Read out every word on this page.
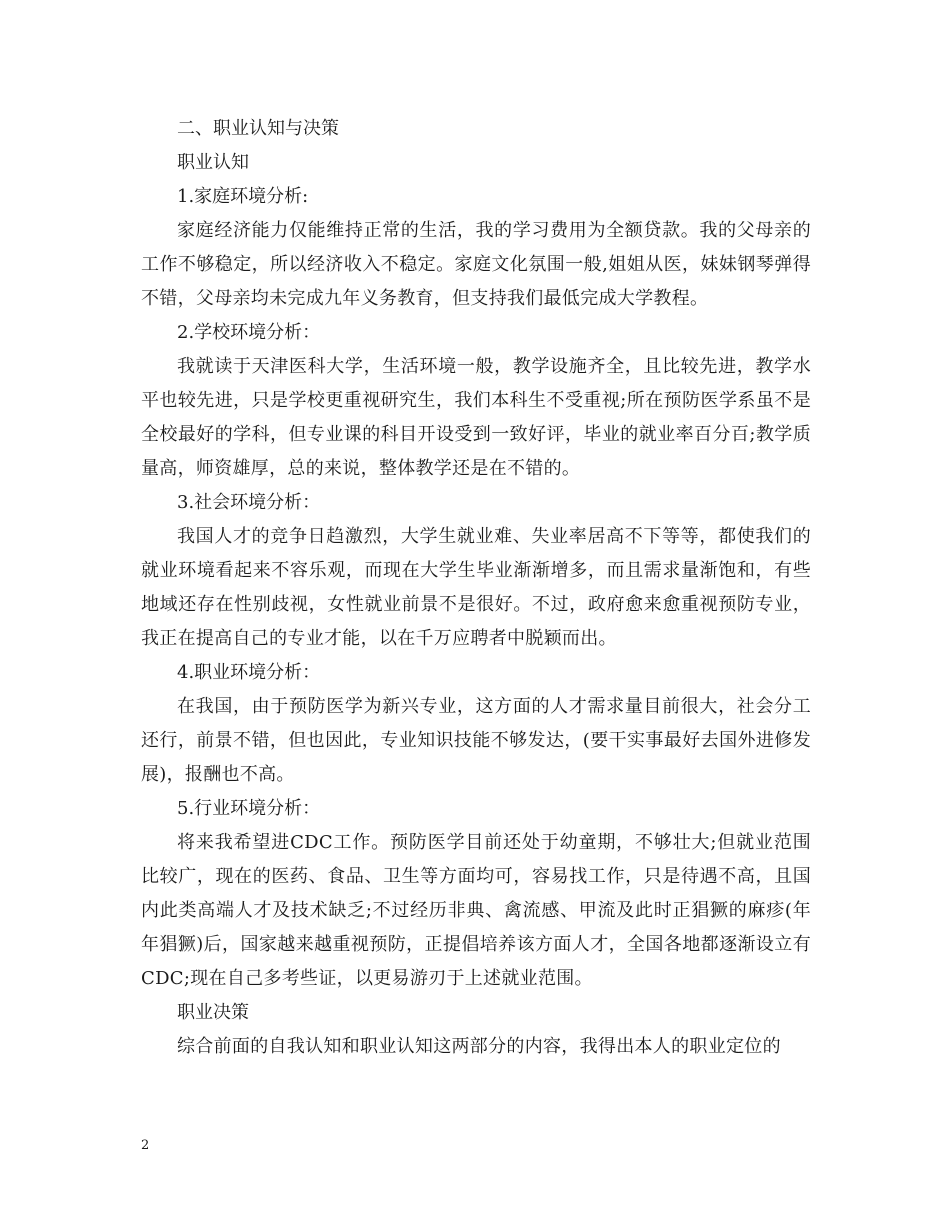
二、职业认知与决策
职业认知
1.家庭环境分析:

家庭经济能力仅能维持正常的生活，我的学习费用为全额贷款。我的父母亲的工作不够稳定，所以经济收入不稳定。家庭文化氛围一般,姐姐从医，妹妹钢琴弹得不错，父母亲均未完成九年义务教育，但支持我们最低完成大学教程。

2.学校环境分析：

我就读于天津医科大学，生活环境一般，教学设施齐全，且比较先进，教学水平也较先进，只是学校更重视研究生，我们本科生不受重视;所在预防医学系虽不是全校最好的学科，但专业课的科目开设受到一致好评，毕业的就业率百分百;教学质量高，师资雄厚，总的来说，整体教学还是在不错的。

3.社会环境分析：

我国人才的竞争日趋激烈，大学生就业难、失业率居高不下等等，都使我们的就业环境看起来不容乐观，而现在大学生毕业渐渐增多，而且需求量渐饱和，有些地域还存在性别歧视，女性就业前景不是很好。不过，政府愈来愈重视预防专业，我正在提高自己的专业才能，以在千万应聘者中脱颖而出。

4.职业环境分析：

在我国，由于预防医学为新兴专业，这方面的人才需求量目前很大，社会分工还行，前景不错，但也因此，专业知识技能不够发达，(要干实事最好去国外进修发展)，报酬也不高。

5.行业环境分析：

将来我希望进CDC工作。预防医学目前还处于幼童期，不够壮大;但就业范围比较广，现在的医药、食品、卫生等方面均可，容易找工作，只是待遇不高，且国内此类高端人才及技术缺乏;不过经历非典、禽流感、甲流及此时正猖獗的麻疹(年年猖獗)后，国家越来越重视预防，正提倡培养该方面人才，全国各地都逐渐设立有CDC;现在自己多考些证，以更易游刃于上述就业范围。

职业决策

综合前面的自我认知和职业认知这两部分的内容，我得出本人的职业定位的

2
